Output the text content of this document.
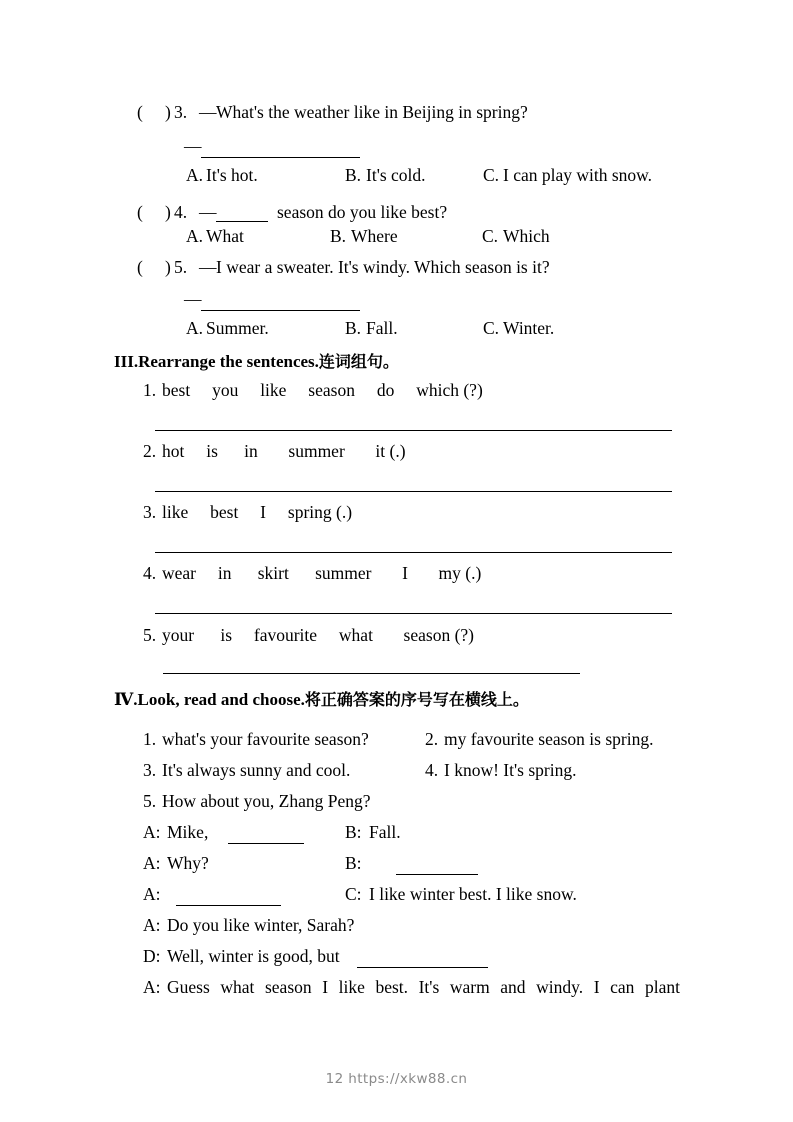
( ) 3. — What's the weather like in Beijing in spring?
—
A. It's hot.	B. It's cold.	C. I can play with snow.
( ) 4. —	season do you like best?
A. What	B. Where	C. Which
( ) 5. — I wear a sweater. It's windy. Which season is it?
—
A. Summer.	B. Fall.	C. Winter.
III.Rearrange the sentences.连词组句。
1. best     you     like     season     do     which (?)
2. hot     is      in       summer       it (.)
3. like     best     I     spring (.)
4. wear     in      skirt      summer       I       my (.)
5. your      is     favourite     what       season (?)
Ⅳ.Look, read and choose.将正确答案的序号写在横线上。
1. what's your favourite season?	2. my favourite season is spring.
3. It's always sunny and cool.	4. I know! It's spring.
5. How about you, Zhang Peng?
A: Mike,	B: Fall.
A: Why?	B:
A:	C: I like winter best. I like snow.
A: Do you like winter, Sarah?
D: Well, winter is good, but
A: Guess what season I like best. It's warm and windy. I can plant
12 https://xkw88.cn
